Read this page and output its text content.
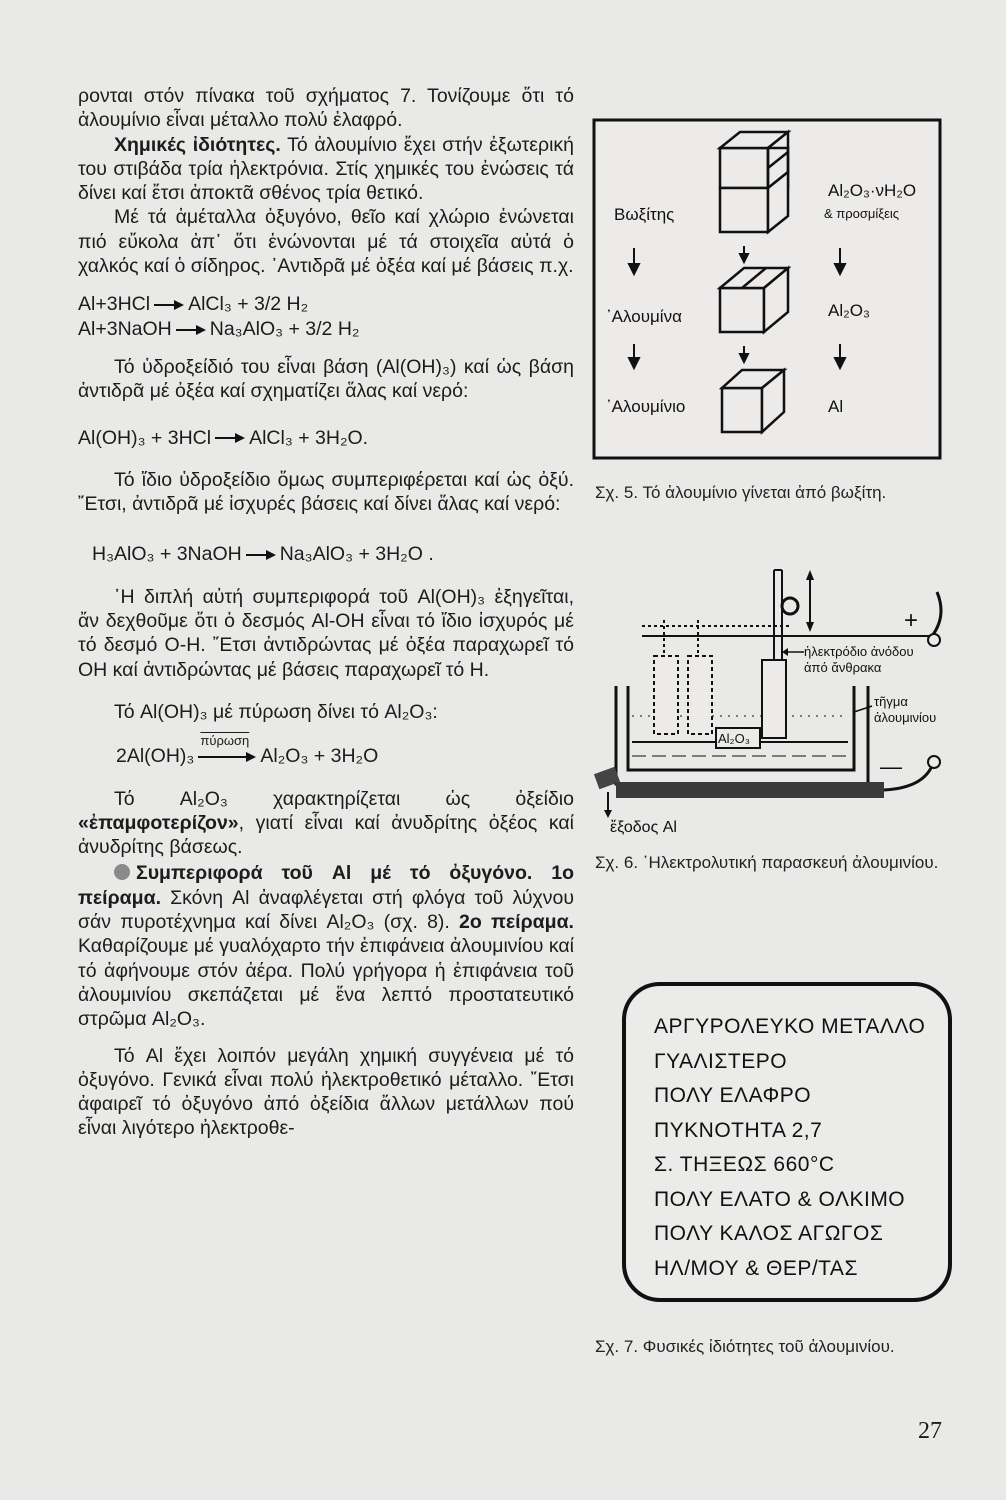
ρονται στόν πίνακα τοῦ σχήματος 7. Τονίζουμε ὅτι τό ἀλουμίνιο εἶναι μέταλλο πολύ ἐλαφρό.

Χημικές ἰδιότητες. Τό ἀλουμίνιο ἔχει στήν ἐξωτερική του στιβάδα τρία ἠλεκτρόνια. Στίς χημικές του ἐνώσεις τά δίνει καί ἔτσι ἀποκτᾶ σθένος τρία θετικό.

Μέ τά ἀμέταλλα ὀξυγόνο, θεῖο καί χλώριο ἑνώνεται πιό εὔκολα ἀπ᾿ ὅτι ἑνώνονται μέ τά στοιχεῖα αὐτά ὁ χαλκός καί ὁ σίδηρος. ᾿Αντιδρᾶ μέ ὀξέα καί μέ βάσεις π.χ.

Al+3HCl → AlCl₃ + 3/2 H₂

Al+3NaOH → Na₃AlO₃ + 3/2 H₂

Τό ὑδροξείδιό του εἶναι βάση (Al(OH)₃) καί ὡς βάση ἀντιδρᾶ μέ ὀξέα καί σχηματίζει ἅλας καί νερό:

Al(OH)₃ + 3HCl → AlCl₃ + 3H₂O.

Τό ἴδιο ὑδροξείδιο ὅμως συμπεριφέρεται καί ὡς ὀξύ. ῎Ετσι, ἀντιδρᾶ μέ ἰσχυρές βάσεις καί δίνει ἅλας καί νερό:

H₃AlO₃ + 3NaOH → Na₃AlO₃ + 3H₂O .

῾Η διπλή αὐτή συμπεριφορά τοῦ Al(OH)₃ ἐξηγεῖται, ἄν δεχθοῦμε ὅτι ὁ δεσμός Al-OH εἶναι τό ἴδιο ἰσχυρός μέ τό δεσμό O-H. ῎Ετσι ἀντιδρώντας μέ ὀξέα παραχωρεῖ τό OH καί ἀντιδρώντας μέ βάσεις παραχωρεῖ τό H.

Τό Al(OH)₃ μέ πύρωση δίνει τό Al₂O₃:

2Al(OH)₃
πύρωση
Al₂O₃ + 3H₂O

Τό Al₂O₃ χαρακτηρίζεται ὡς ὀξείδιο «ἐπαμφοτερίζον», γιατί εἶναι καί ἀνυδρίτης ὀξέος καί ἀνυδρίτης βάσεως.

Συμπεριφορά τοῦ Al μέ τό ὀξυγόνο. 1ο πείραμα. Σκόνη Al ἀναφλέγεται στή φλόγα τοῦ λύχνου σάν πυροτέχνημα καί δίνει Al₂O₃ (σχ. 8). 2ο πείραμα. Καθαρίζουμε μέ γυαλόχαρτο τήν ἐπιφάνεια ἀλουμινίου καί τό ἀφήνουμε στόν ἀέρα. Πολύ γρήγορα ἡ ἐπιφάνεια τοῦ ἀλουμινίου σκεπάζεται μέ ἕνα λεπτό προστατευτικό στρῶμα Al₂O₃.

Τό Al ἔχει λοιπόν μεγάλη χημική συγγένεια μέ τό ὀξυγόνο. Γενικά εἶναι πολύ ἠλεκτροθετικό μέταλλο. ῎Ετσι ἀφαιρεῖ τό ὀξυγόνο ἀπό ὀξείδια ἄλλων μετάλλων πού εἶναι λιγότερο ἠλεκτροθε-

Βωξίτης
᾿Αλουμίνα
᾿Αλουμίνιο
Al₂O₃·νH₂O
& προσμίξεις
Al₂O₃
Al
Σχ. 5. Τό ἀλουμίνιο γίνεται ἀπό βωξίτη.
+
—
Al₂O₃
ἔξοδος Al
ἠλεκτρόδιο ἀνόδου
ἀπό ἄνθρακα
τῆγμα
ἀλουμινίου
Σχ. 6. ῾Ηλεκτρολυτική παρασκευή ἀλουμινίου.
ΑΡΓΥΡΟΛΕΥΚΟ ΜΕΤΑΛΛΟ
ΓΥΑΛΙΣΤΕΡΟ
ΠΟΛΥ ΕΛΑΦΡΟ
ΠΥΚΝΟΤΗΤΑ 2,7
Σ. ΤΗΞΕΩΣ 660°C
ΠΟΛΥ ΕΛΑΤΟ & ΟΛΚΙΜΟ
ΠΟΛΥ ΚΑΛΟΣ ΑΓΩΓΟΣ
ΗΛ/ΜΟΥ & ΘΕΡ/ΤΑΣ
Σχ. 7. Φυσικές ἰδιότητες τοῦ ἀλουμινίου.
27
